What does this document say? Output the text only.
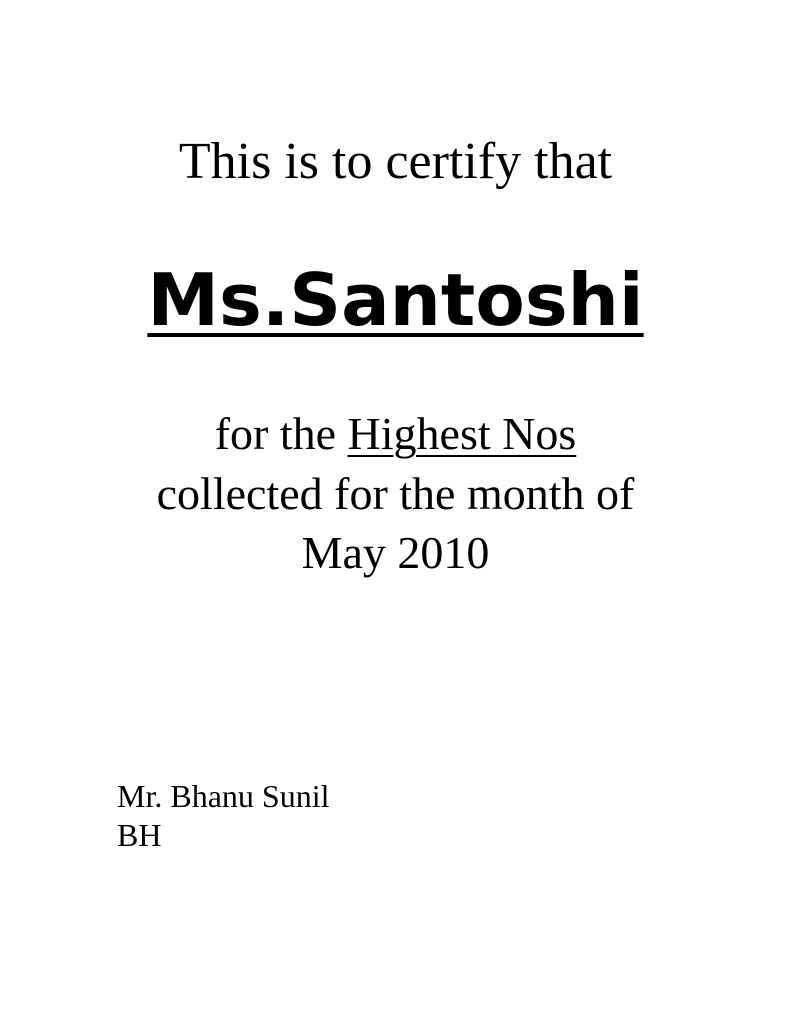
This is to certify that

Ms.Santoshi

for the Highest Nos

collected for the month of

May 2010

Mr. Bhanu Sunil

BH
